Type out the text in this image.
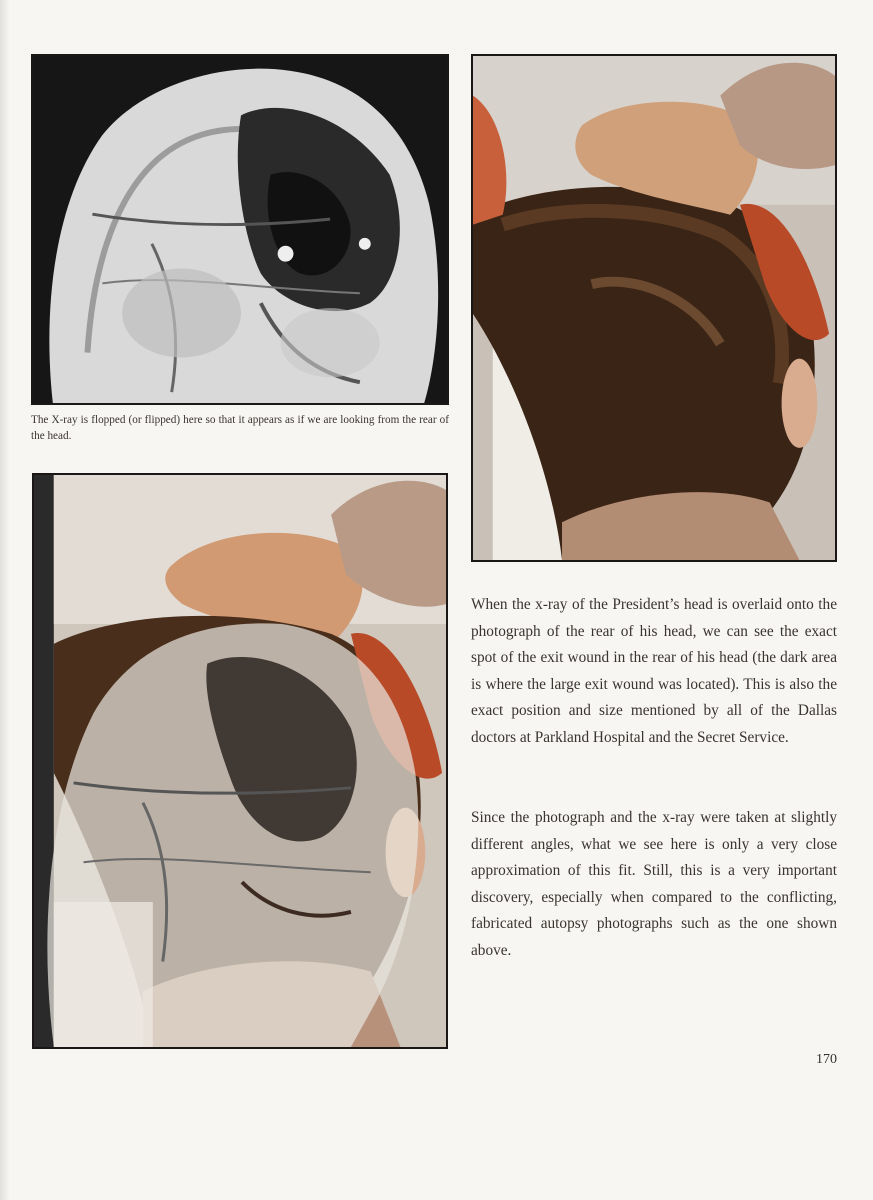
The X-ray is flopped (or flipped) here so that it appears as if we are looking from the rear of the head.

When the x-ray of the President’s head is overlaid onto the photograph of the rear of his head, we can see the exact spot of the exit wound in the rear of his head (the dark area is where the large exit wound was located). This is also the exact position and size mentioned by all of the Dallas doctors at Parkland Hospital and the Secret Service.

Since the photograph and the x-ray were taken at slightly different angles, what we see here is only a very close approximation of this fit. Still, this is a very important discovery, especially when compared to the conflicting, fabricated autopsy photographs such as the one shown above.

170
